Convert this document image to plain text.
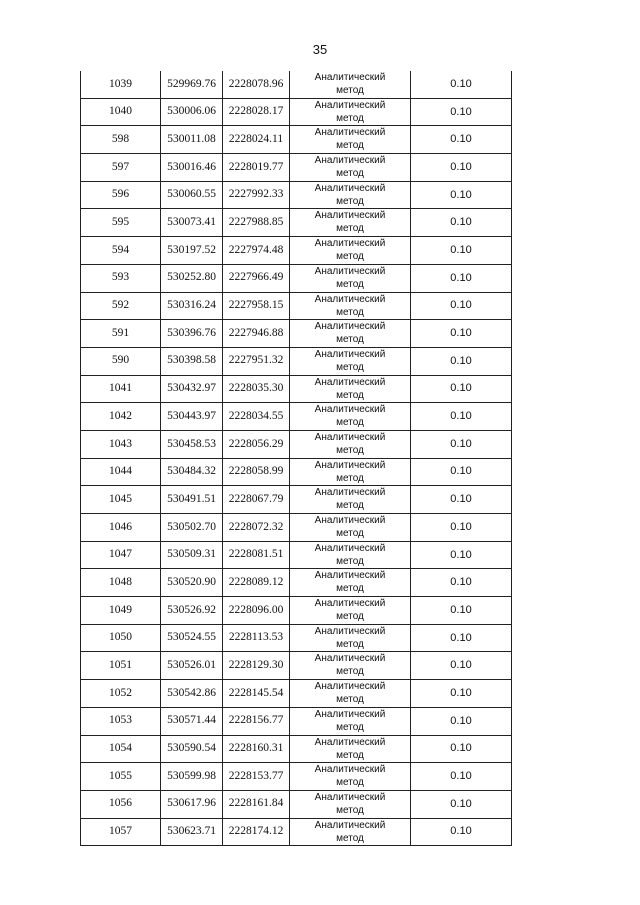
35
1039	529969.76	2228078.96	Аналитический метод	0.10
1040	530006.06	2228028.17	Аналитический метод	0.10
598	530011.08	2228024.11	Аналитический метод	0.10
597	530016.46	2228019.77	Аналитический метод	0.10
596	530060.55	2227992.33	Аналитический метод	0.10
595	530073.41	2227988.85	Аналитический метод	0.10
594	530197.52	2227974.48	Аналитический метод	0.10
593	530252.80	2227966.49	Аналитический метод	0.10
592	530316.24	2227958.15	Аналитический метод	0.10
591	530396.76	2227946.88	Аналитический метод	0.10
590	530398.58	2227951.32	Аналитический метод	0.10
1041	530432.97	2228035.30	Аналитический метод	0.10
1042	530443.97	2228034.55	Аналитический метод	0.10
1043	530458.53	2228056.29	Аналитический метод	0.10
1044	530484.32	2228058.99	Аналитический метод	0.10
1045	530491.51	2228067.79	Аналитический метод	0.10
1046	530502.70	2228072.32	Аналитический метод	0.10
1047	530509.31	2228081.51	Аналитический метод	0.10
1048	530520.90	2228089.12	Аналитический метод	0.10
1049	530526.92	2228096.00	Аналитический метод	0.10
1050	530524.55	2228113.53	Аналитический метод	0.10
1051	530526.01	2228129.30	Аналитический метод	0.10
1052	530542.86	2228145.54	Аналитический метод	0.10
1053	530571.44	2228156.77	Аналитический метод	0.10
1054	530590.54	2228160.31	Аналитический метод	0.10
1055	530599.98	2228153.77	Аналитический метод	0.10
1056	530617.96	2228161.84	Аналитический метод	0.10
1057	530623.71	2228174.12	Аналитический метод	0.10
